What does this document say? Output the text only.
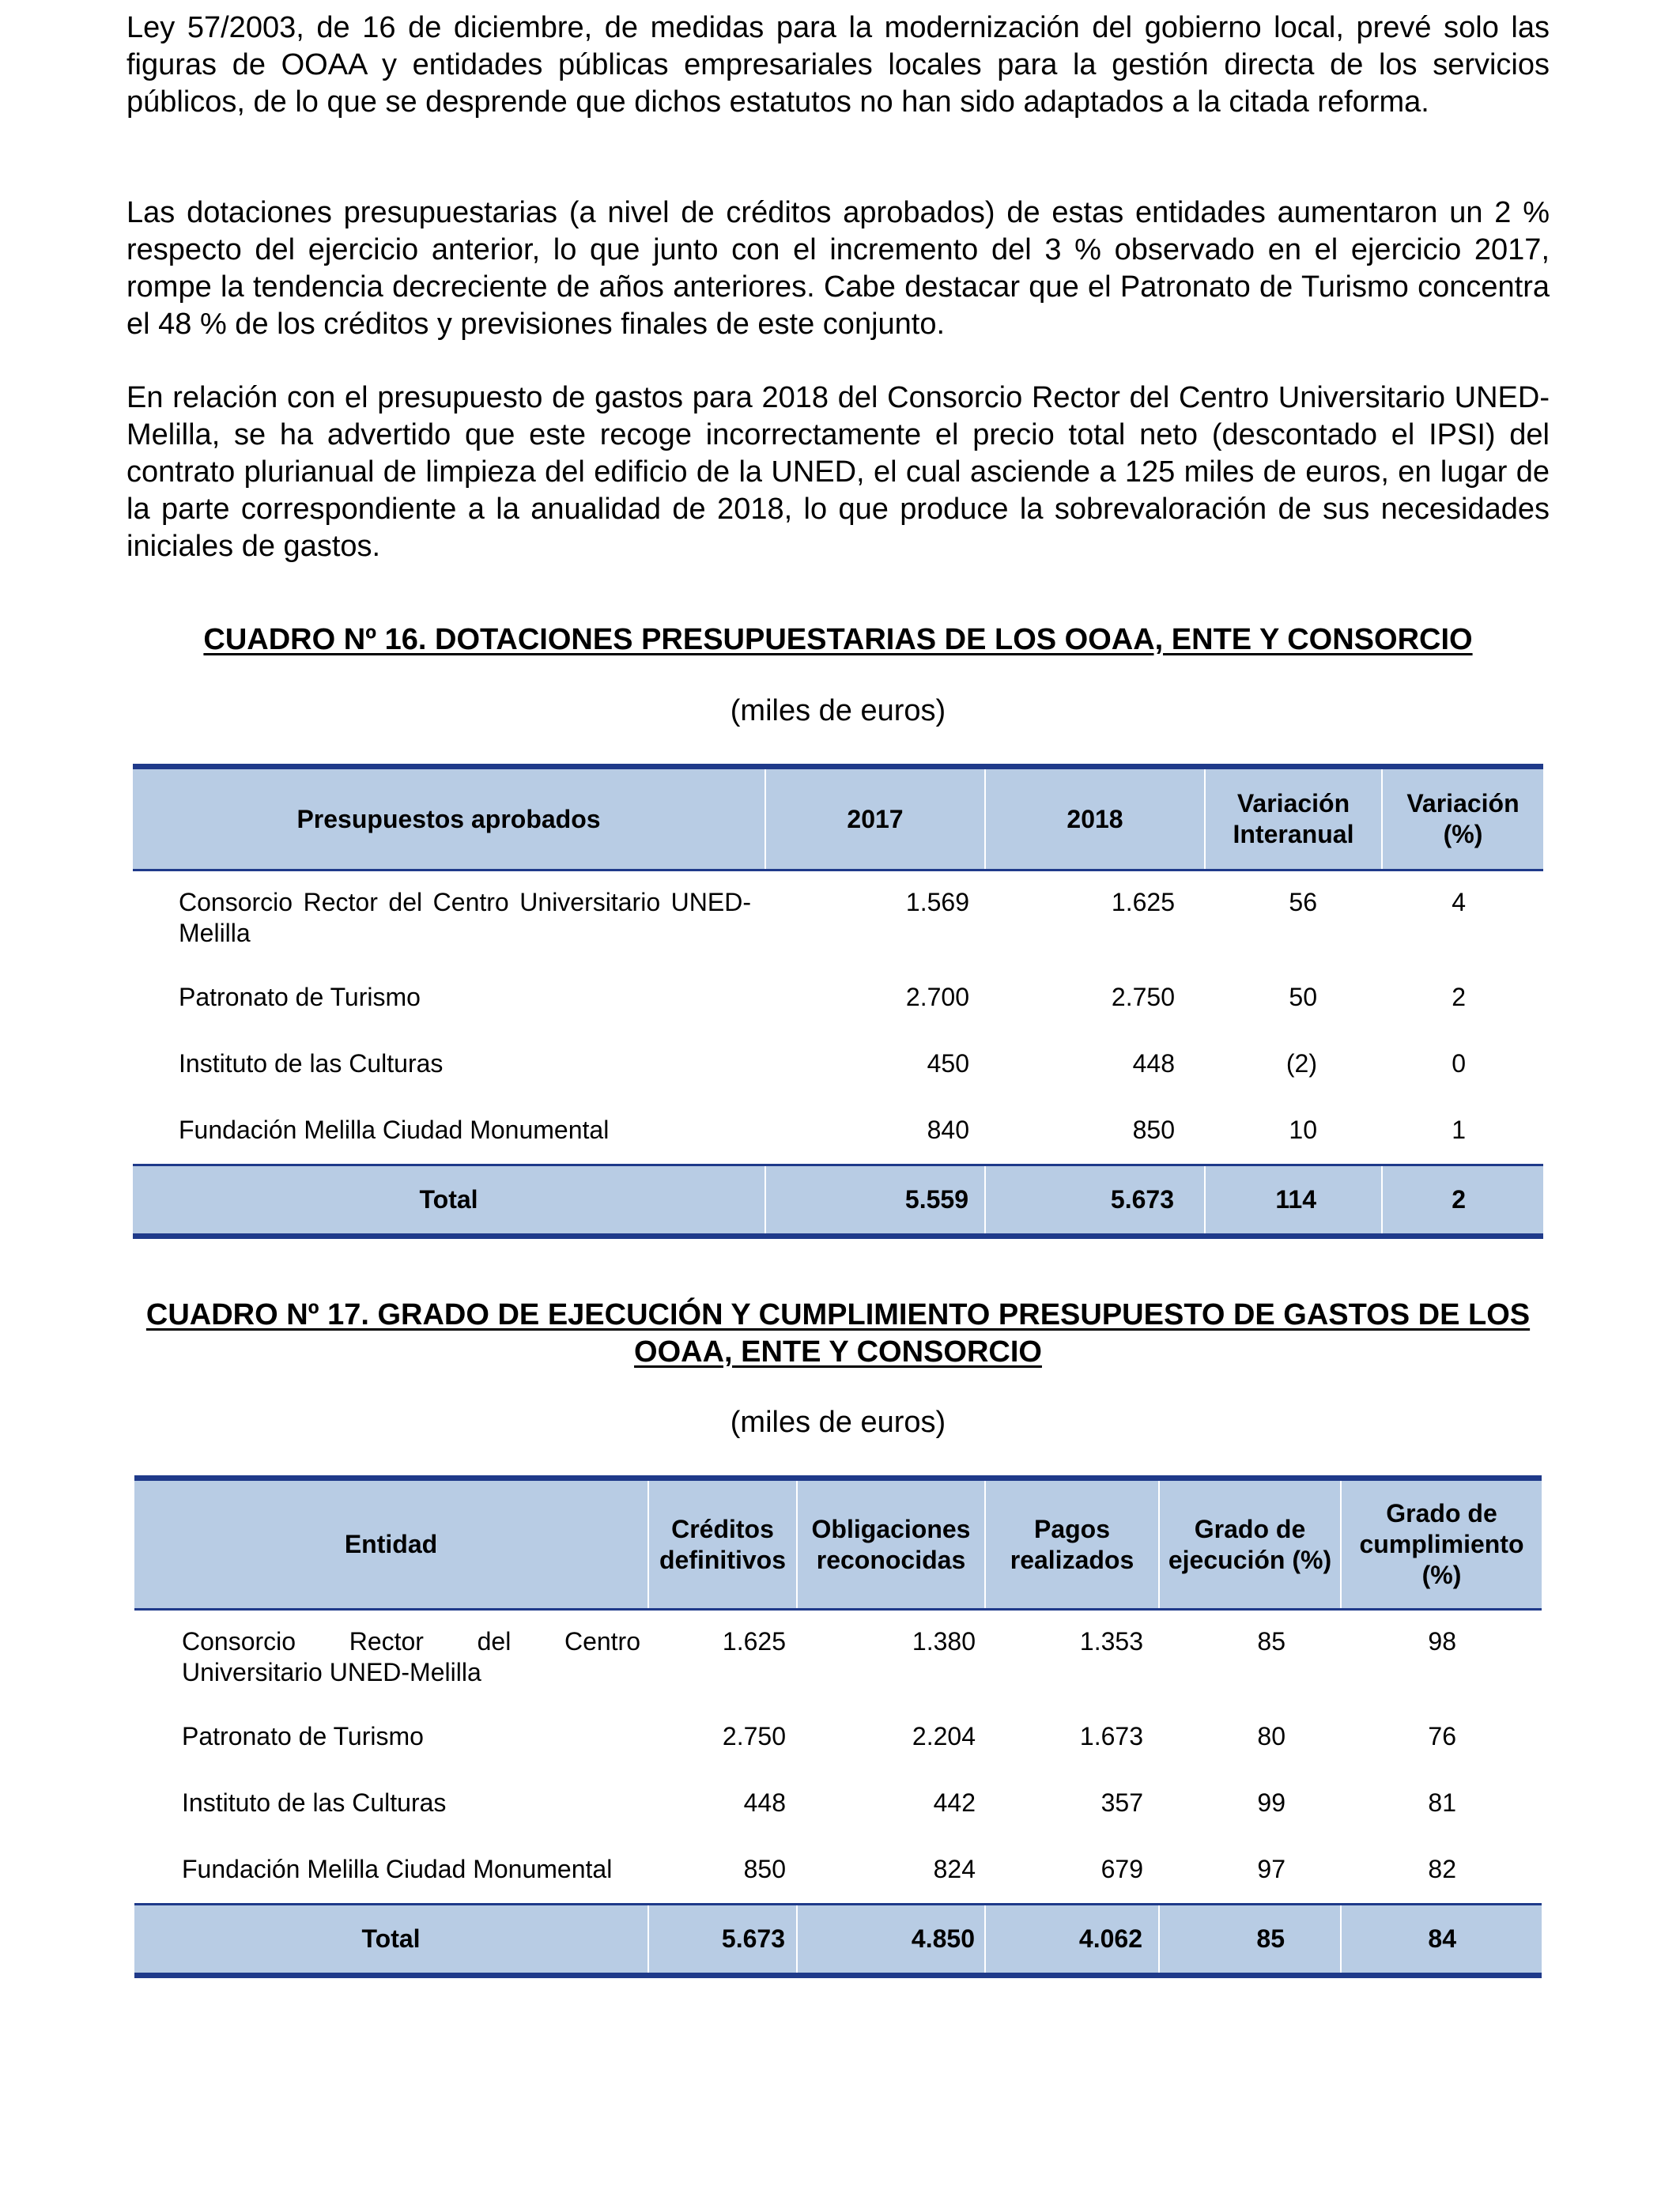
Ley 57/2003, de 16 de diciembre, de medidas para la modernización del gobierno local, prevé solo las figuras de OOAA y entidades públicas empresariales locales para la gestión directa de los servicios públicos, de lo que se desprende que dichos estatutos no han sido adaptados a la citada reforma.

Las dotaciones presupuestarias (a nivel de créditos aprobados) de estas entidades aumentaron un 2 % respecto del ejercicio anterior, lo que junto con el incremento del 3 % observado en el ejercicio 2017, rompe la tendencia decreciente de años anteriores. Cabe destacar que el Patronato de Turismo concentra el 48 % de los créditos y previsiones finales de este conjunto.

En relación con el presupuesto de gastos para 2018 del Consorcio Rector del Centro Universitario UNED-Melilla, se ha advertido que este recoge incorrectamente el precio total neto (descontado el IPSI) del contrato plurianual de limpieza del edificio de la UNED, el cual asciende a 125 miles de euros, en lugar de la parte correspondiente a la anualidad de 2018, lo que produce la sobrevaloración de sus necesidades iniciales de gastos.

CUADRO Nº 16. DOTACIONES PRESUPUESTARIAS DE LOS OOAA, ENTE Y CONSORCIO

(miles de euros)

Presupuestos aprobados	2017	2018	Variación Interanual	Variación (%)
Consorcio Rector del Centro Universitario UNED-Melilla	1.569	1.625	56	4
Patronato de Turismo	2.700	2.750	50	2
Instituto de las Culturas	450	448	(2)	0
Fundación Melilla Ciudad Monumental	840	850	10	1
Total	5.559	5.673	114	2

CUADRO Nº 17. GRADO DE EJECUCIÓN Y CUMPLIMIENTO PRESUPUESTO DE GASTOS DE LOS OOAA, ENTE Y CONSORCIO

(miles de euros)

Entidad	Créditos definitivos	Obligaciones reconocidas	Pagos realizados	Grado de ejecución (%)	Grado de cumplimiento (%)
Consorcio Rector del Centro Universitario UNED-Melilla	1.625	1.380	1.353	85	98
Patronato de Turismo	2.750	2.204	1.673	80	76
Instituto de las Culturas	448	442	357	99	81
Fundación Melilla Ciudad Monumental	850	824	679	97	82
Total	5.673	4.850	4.062	85	84
